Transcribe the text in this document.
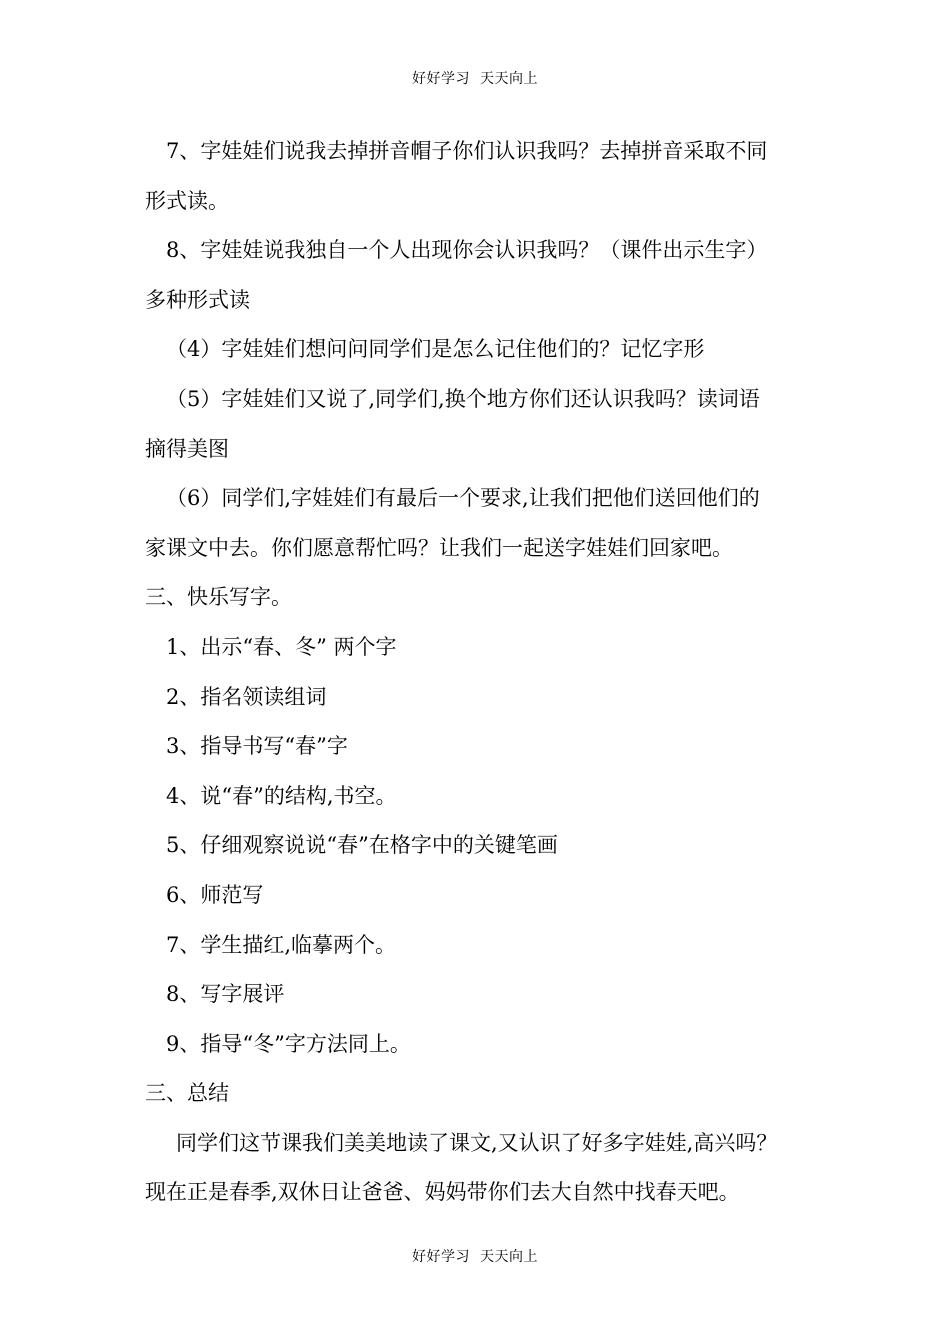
好好学习  天天向上
7、字娃娃们说我去掉拼音帽子你们认识我吗？去掉拼音采取不同
形式读。
8、字娃娃说我独自一个人出现你会认识我吗？（课件出示生字）
多种形式读
（4）字娃娃们想问问同学们是怎么记住他们的？记忆字形
（5）字娃娃们又说了,同学们,换个地方你们还认识我吗？读词语
摘得美图
（6）同学们,字娃娃们有最后一个要求,让我们把他们送回他们的
家课文中去。你们愿意帮忙吗？让我们一起送字娃娃们回家吧。
三、快乐写字。
1、出示“春、冬” 两个字
2、指名领读组词
3、指导书写“春”字
4、说“春”的结构,书空。
5、仔细观察说说“春”在格字中的关键笔画
6、师范写
7、学生描红,临摹两个。
8、写字展评
9、指导“冬”字方法同上。
三、总结
同学们这节课我们美美地读了课文,又认识了好多字娃娃,高兴吗？
现在正是春季,双休日让爸爸、妈妈带你们去大自然中找春天吧。
好好学习  天天向上
